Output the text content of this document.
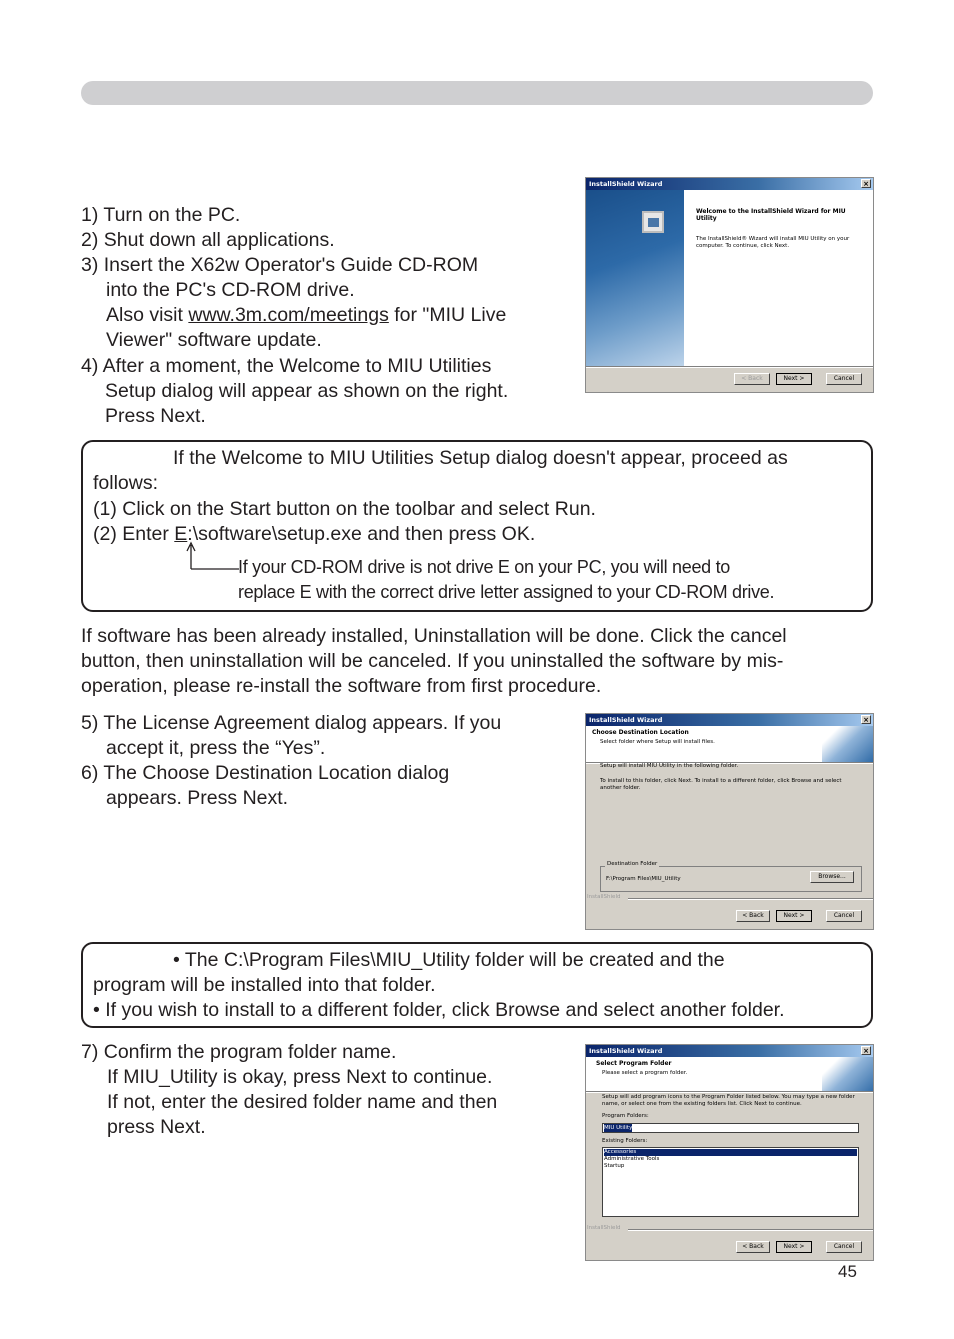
1) Turn on the PC.
2) Shut down all applications.
3) Insert the X62w Operator's Guide CD-ROM
into the PC's CD-ROM drive.
Also visit www.3m.com/meetings for "MIU Live
Viewer" software update.
4) After a moment, the Welcome to MIU Utilities
Setup dialog will appear as shown on the right.
Press Next.
InstallShield Wizard	×
Welcome to the InstallShield Wizard for MIU Utility
The InstallShield® Wizard will install MIU Utility on your
computer. To continue, click Next.
< Back	Next >	Cancel
If the Welcome to MIU Utilities Setup dialog doesn't appear, proceed as
follows:
(1) Click on the Start button on the toolbar and select Run.
(2) Enter E:\software\setup.exe and then press OK.
If your CD-ROM drive is not drive E on your PC, you will need to
replace E with the correct drive letter assigned to your CD-ROM drive.
If software has been already installed, Uninstallation will be done. Click the cancel
button, then uninstallation will be canceled. If you uninstalled the software by mis-
operation, please re-install the software from first procedure.
5) The License Agreement dialog appears. If you
accept it, press the “Yes”.
6) The Choose Destination Location dialog
appears. Press Next.
InstallShield Wizard	×
Choose Destination Location
Select folder where Setup will install files.
Setup will install MIU Utility in the following folder.
To install to this folder, click Next. To install to a different folder, click Browse and select
another folder.
Destination Folder
F:\Program Files\MIU_Utility	Browse...
InstallShield
< Back	Next >	Cancel
• The C:\Program Files\MIU_Utility folder will be created and the
program will be installed into that folder.
• If you wish to install to a different folder, click Browse and select another folder.
7) Confirm the program folder name.
If MIU_Utility is okay, press Next to continue.
If not, enter the desired folder name and then
press Next.
InstallShield Wizard	×
Select Program Folder
Please select a program folder.
Setup will add program icons to the Program Folder listed below. You may type a new folder
name, or select one from the existing folders list. Click Next to continue.
Program Folders:
MIU Utility
Existing Folders:
Accessories
Administrative Tools
Startup
InstallShield
< Back	Next >	Cancel
45
